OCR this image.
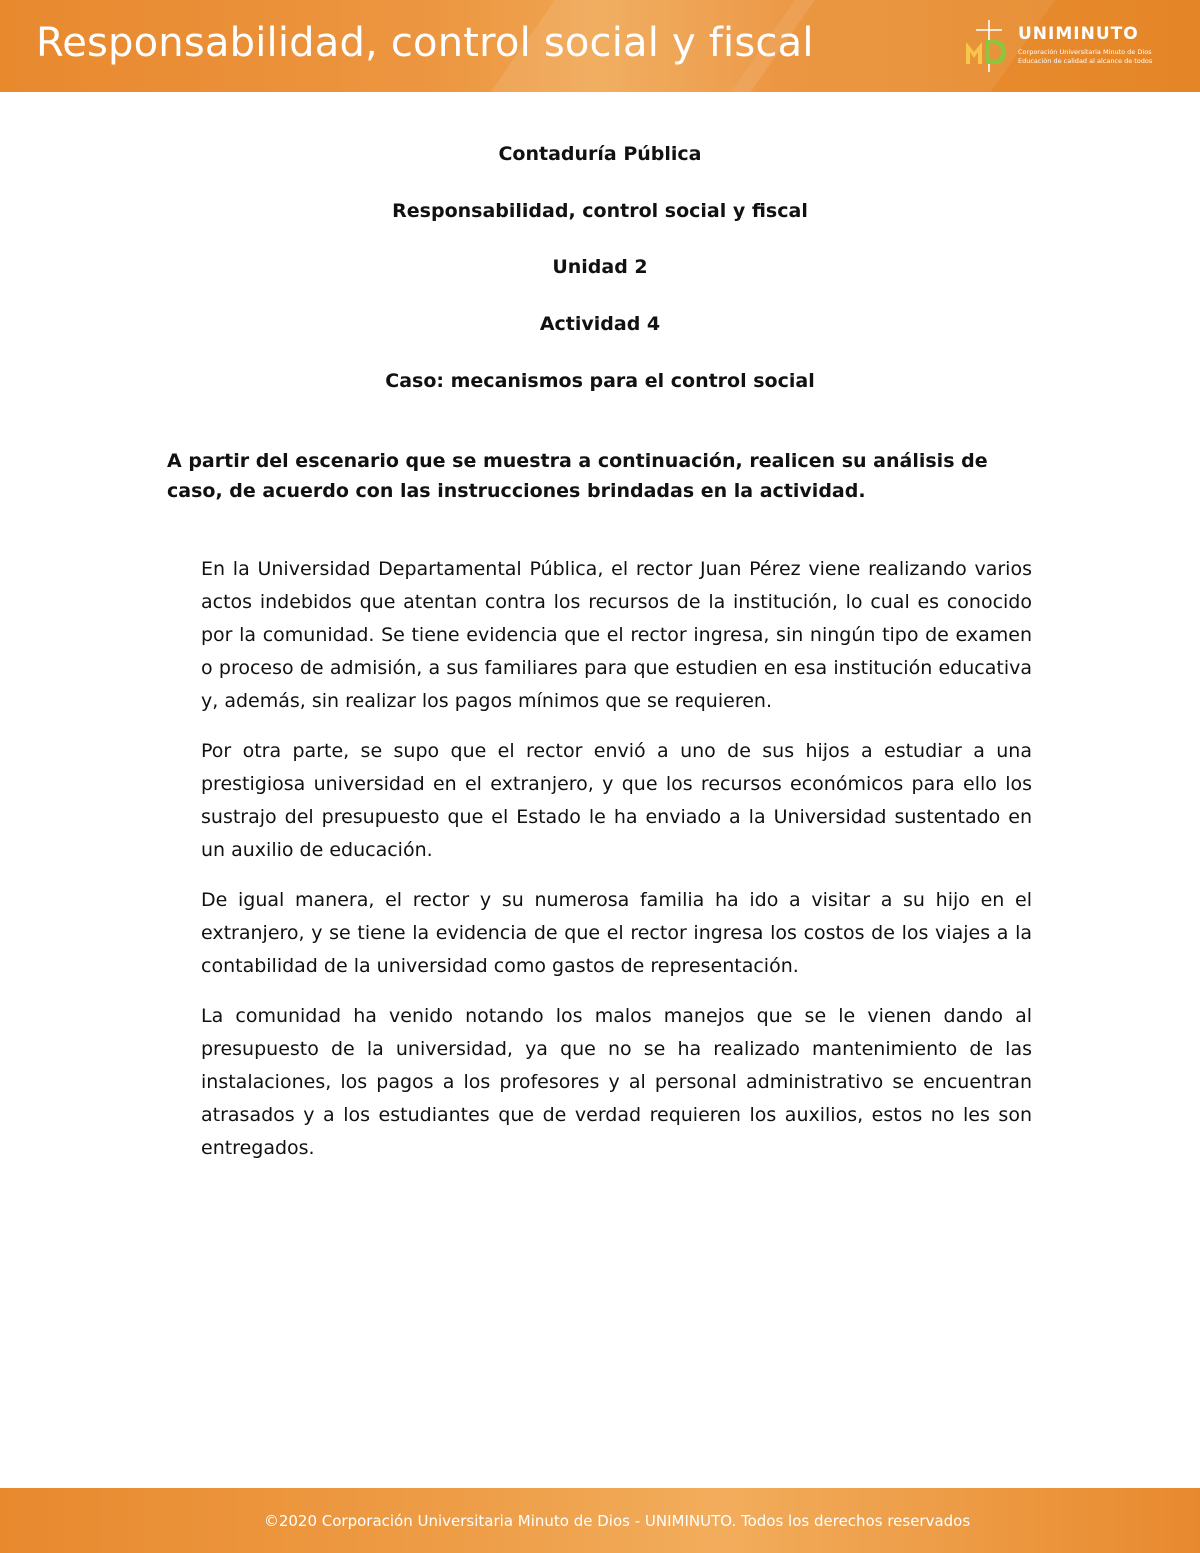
Responsabilidad, control social y fiscal	UNIMINUTO
Corporación Universitaria Minuto de Dios
Educación de calidad al alcance de todos

Contaduría Pública

Responsabilidad, control social y fiscal

Unidad 2

Actividad 4

Caso: mecanismos para el control social

A partir del escenario que se muestra a continuación, realicen su análisis de caso, de acuerdo con las instrucciones brindadas en la actividad.

En la Universidad Departamental Pública, el rector Juan Pérez viene realizando varios actos indebidos que atentan contra los recursos de la institución, lo cual es conocido por la comunidad. Se tiene evidencia que el rector ingresa, sin ningún tipo de examen o proceso de admisión, a sus familiares para que estudien en esa institución educativa y, además, sin realizar los pagos mínimos que se requieren.

Por otra parte, se supo que el rector envió a uno de sus hijos a estudiar a una prestigiosa universidad en el extranjero, y que los recursos económicos para ello los sustrajo del presupuesto que el Estado le ha enviado a la Universidad sustentado en un auxilio de educación.

De igual manera, el rector y su numerosa familia ha ido a visitar a su hijo en el extranjero, y se tiene la evidencia de que el rector ingresa los costos de los viajes a la contabilidad de la universidad como gastos de representación.

La comunidad ha venido notando los malos manejos que se le vienen dando al presupuesto de la universidad, ya que no se ha realizado mantenimiento de las instalaciones, los pagos a los profesores y al personal administrativo se encuentran atrasados y a los estudiantes que de verdad requieren los auxilios, estos no les son entregados.

©2020 Corporación Universitaria Minuto de Dios - UNIMINUTO. Todos los derechos reservados
